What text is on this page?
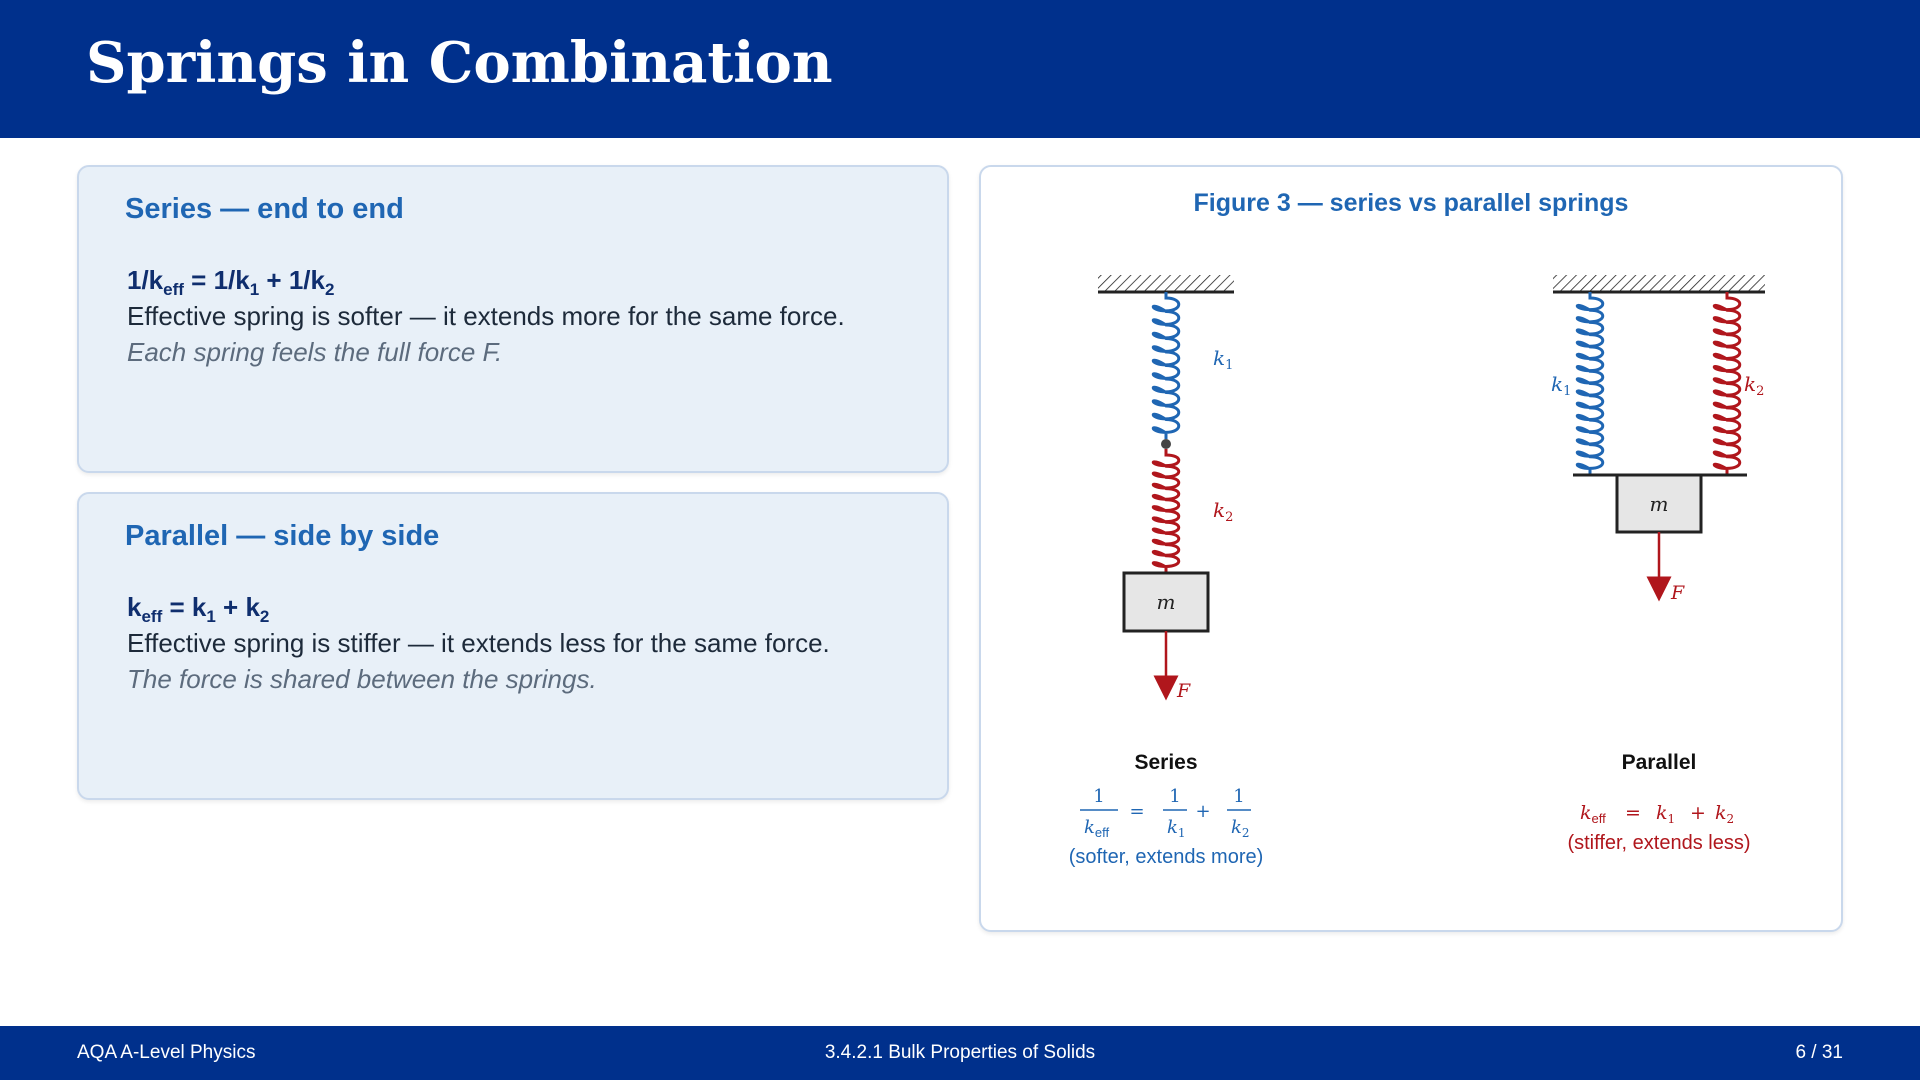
Springs in Combination
Series — end to end
$1/k_{eff} = 1/k_1 + 1/k_2$
Effective spring is softer — it extends more for the same force.
Each spring feels the full force F.
Parallel — side by side
$k_{eff} = k_1 + k_2$
Effective spring is stiffer — it extends less for the same force.
The force is shared between the springs.
Figure 3 — series vs parallel springs
$k_1$
$k_2$
m
F
Series
1
$k_{eff}$
=
1
$k_1$
+
1
$k_2$
(softer, extends more)
$k_1$	$k_2$
m
F
Parallel
$k_{eff} = k_1 + k_2$
(stiffer, extends less)
AQA A-Level Physics	3.4.2.1 Bulk Properties of Solids	6 / 31
